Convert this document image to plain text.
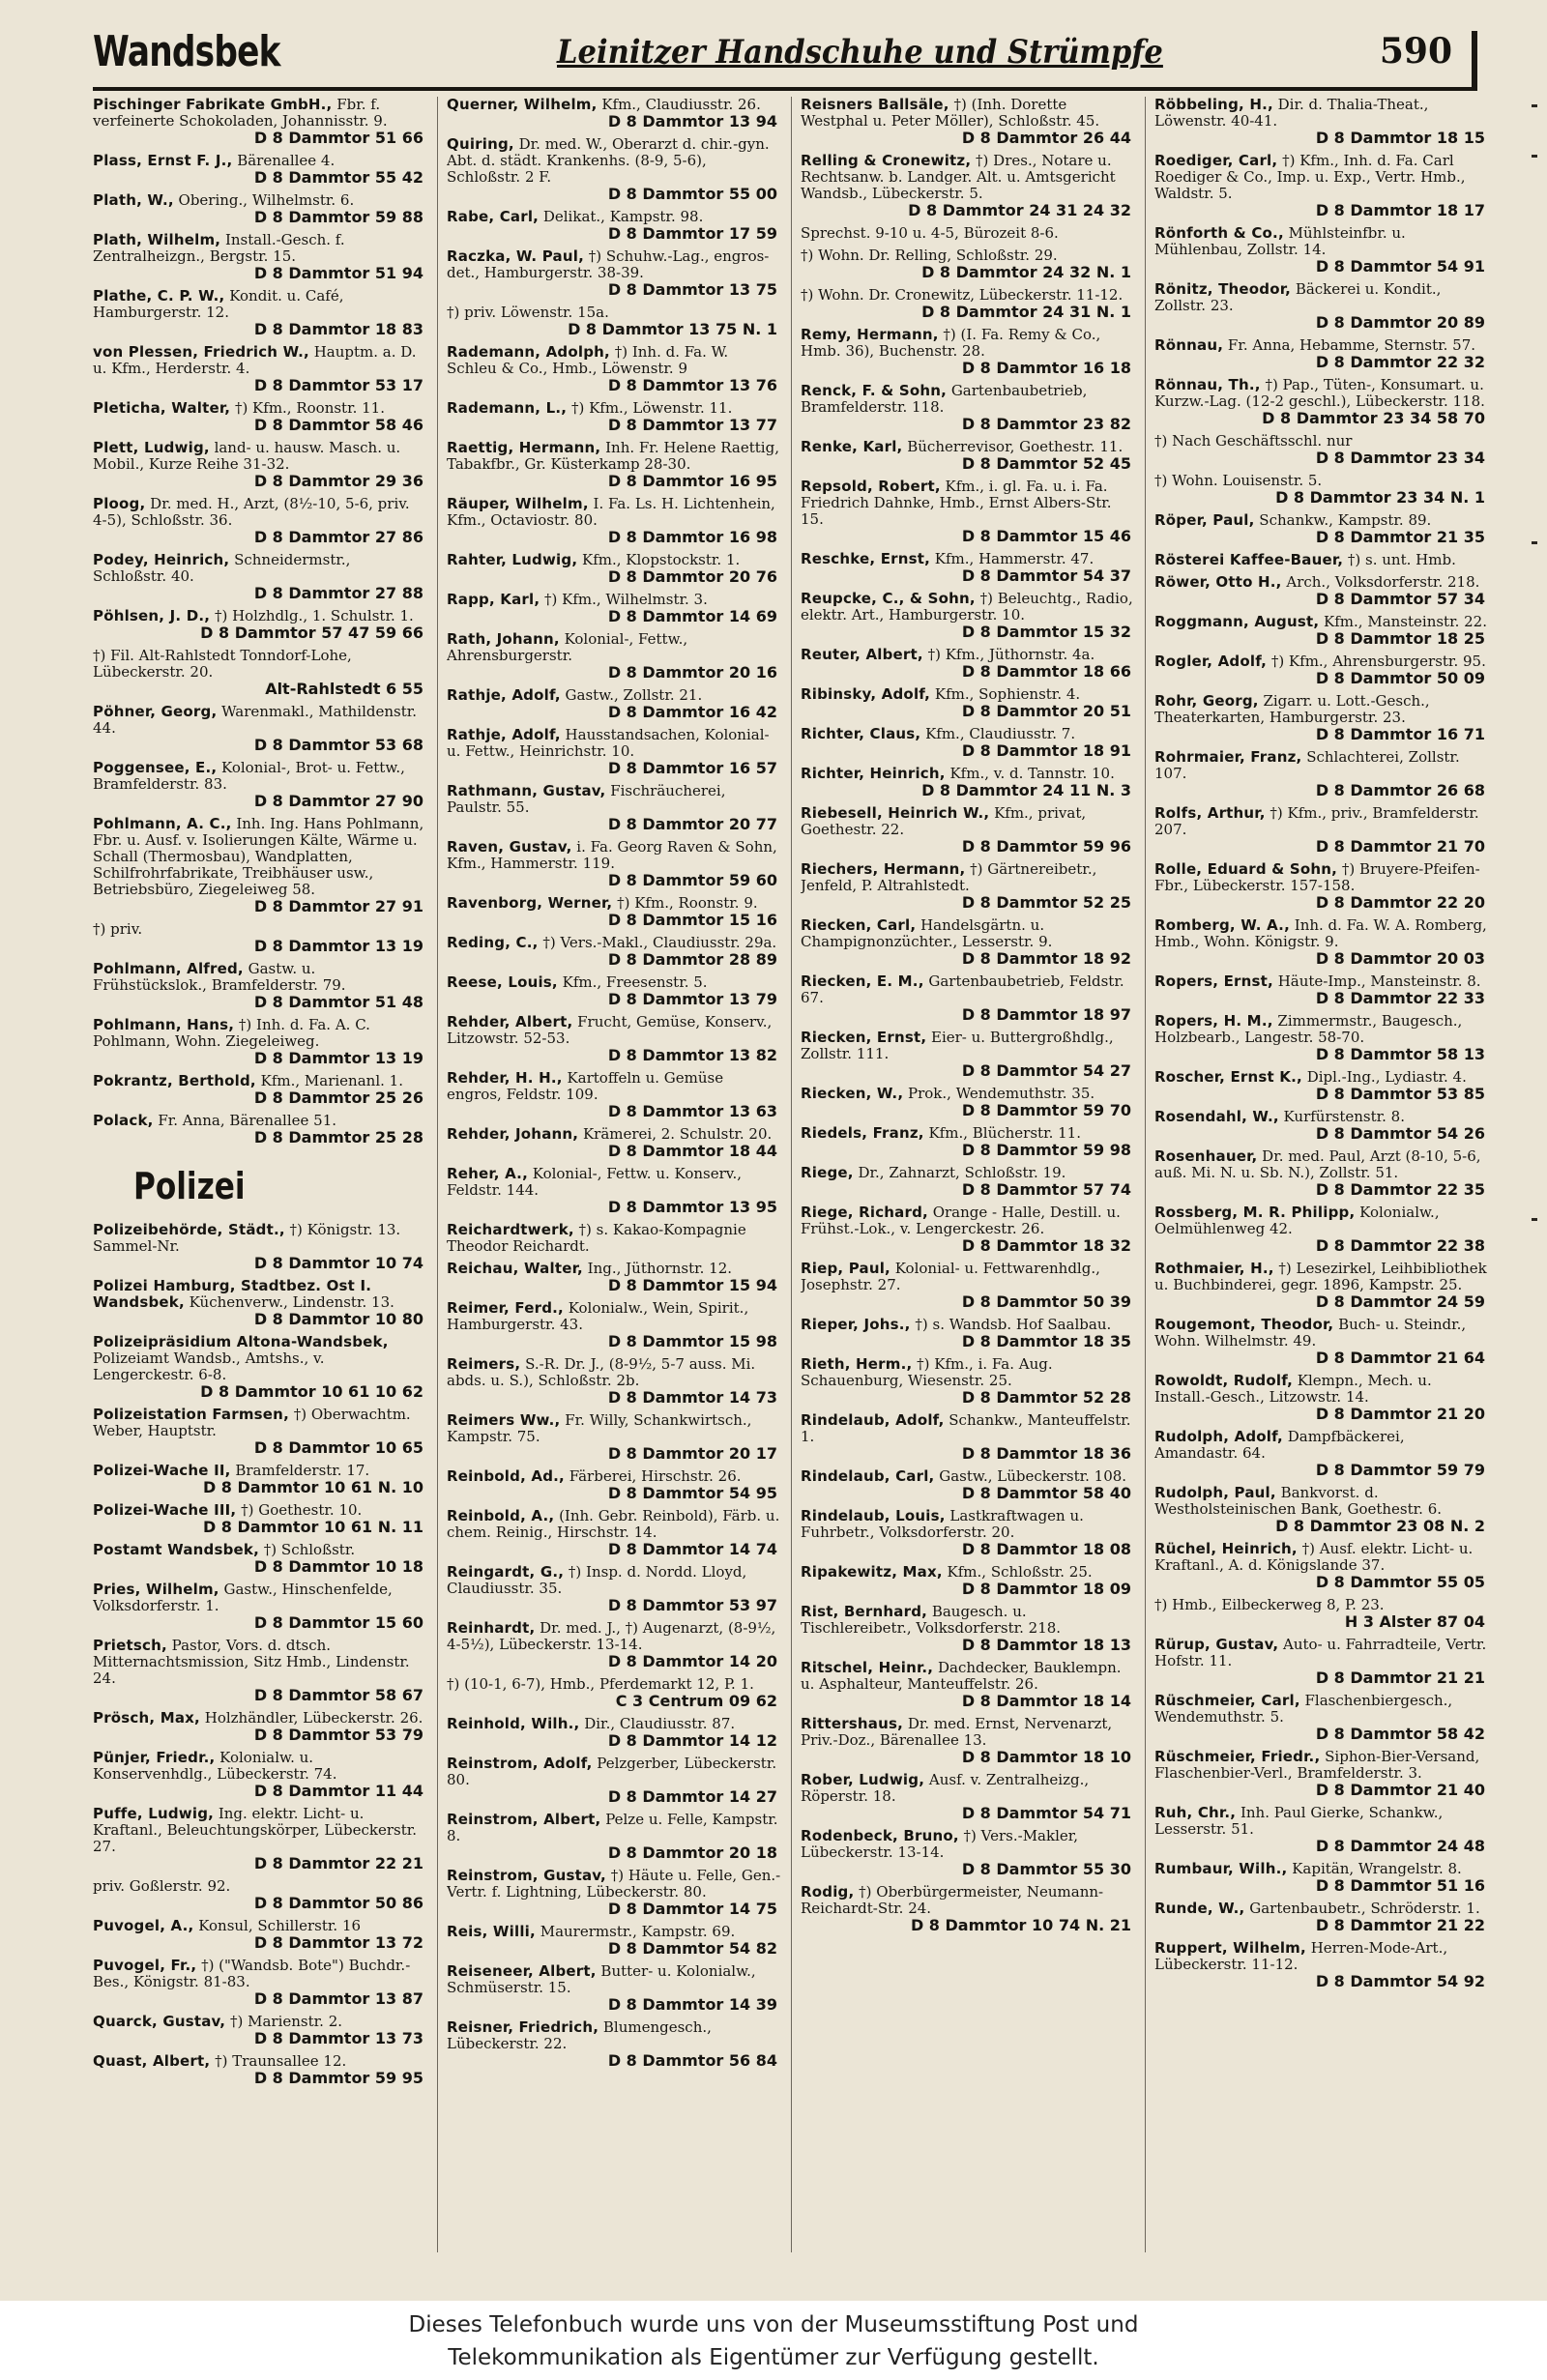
Wandsbek	Leinitzer Handschuhe und Strümpfe	590
Pischinger Fabrikate GmbH., Fbr. f. verfeinerte Schokoladen, Johannisstr. 9.
D 8 Dammtor 51 66
Plass, Ernst F. J., Bärenallee 4.
D 8 Dammtor 55 42
Plath, W., Obering., Wilhelmstr. 6.
D 8 Dammtor 59 88
Plath, Wilhelm, Install.-Gesch. f. Zentralheizgn., Bergstr. 15.
D 8 Dammtor 51 94
Plathe, C. P. W., Kondit. u. Café, Hamburgerstr. 12.
D 8 Dammtor 18 83
von Plessen, Friedrich W., Hauptm. a. D. u. Kfm., Herderstr. 4.
D 8 Dammtor 53 17
Pleticha, Walter, †) Kfm., Roonstr. 11.
D 8 Dammtor 58 46
Plett, Ludwig, land- u. hausw. Masch. u. Mobil., Kurze Reihe 31-32.
D 8 Dammtor 29 36
Ploog, Dr. med. H., Arzt, (8½-10, 5-6, priv. 4-5), Schloßstr. 36.
D 8 Dammtor 27 86
Podey, Heinrich, Schneidermstr., Schloßstr. 40.
D 8 Dammtor 27 88
Pöhlsen, J. D., †) Holzhdlg., 1. Schulstr. 1.
D 8 Dammtor 57 47 59 66
†) Fil. Alt-Rahlstedt Tonndorf-Lohe, Lübeckerstr. 20.
Alt-Rahlstedt 6 55
Pöhner, Georg, Warenmakl., Mathildenstr. 44.
D 8 Dammtor 53 68
Poggensee, E., Kolonial-, Brot- u. Fettw., Bramfelderstr. 83.
D 8 Dammtor 27 90
Pohlmann, A. C., Inh. Ing. Hans Pohlmann, Fbr. u. Ausf. v. Isolierungen Kälte, Wärme u. Schall (Thermosbau), Wandplatten, Schilfrohrfabrikate, Treibhäuser usw., Betriebsbüro, Ziegeleiweg 58.
D 8 Dammtor 27 91
†) priv.
D 8 Dammtor 13 19
Pohlmann, Alfred, Gastw. u. Frühstückslok., Bramfelderstr. 79.
D 8 Dammtor 51 48
Pohlmann, Hans, †) Inh. d. Fa. A. C. Pohlmann, Wohn. Ziegeleiweg.
D 8 Dammtor 13 19
Pokrantz, Berthold, Kfm., Marienanl. 1.
D 8 Dammtor 25 26
Polack, Fr. Anna, Bärenallee 51.
D 8 Dammtor 25 28
Polizei
Polizeibehörde, Städt., †) Königstr. 13. Sammel-Nr.
D 8 Dammtor 10 74
Polizei Hamburg, Stadtbez. Ost I. Wandsbek, Küchenverw., Lindenstr. 13.
D 8 Dammtor 10 80
Polizeipräsidium Altona-Wandsbek, Polizeiamt Wandsb., Amtshs., v. Lengerckestr. 6-8.
D 8 Dammtor 10 61 10 62
Polizeistation Farmsen, †) Oberwachtm. Weber, Hauptstr.
D 8 Dammtor 10 65
Polizei-Wache II, Bramfelderstr. 17.
D 8 Dammtor 10 61 N. 10
Polizei-Wache III, †) Goethestr. 10.
D 8 Dammtor 10 61 N. 11
Postamt Wandsbek, †) Schloßstr.
D 8 Dammtor 10 18
Pries, Wilhelm, Gastw., Hinschenfelde, Volksdorferstr. 1.
D 8 Dammtor 15 60
Prietsch, Pastor, Vors. d. dtsch. Mitternachtsmission, Sitz Hmb., Lindenstr. 24.
D 8 Dammtor 58 67
Prösch, Max, Holzhändler, Lübeckerstr. 26.
D 8 Dammtor 53 79
Pünjer, Friedr., Kolonialw. u. Konservenhdlg., Lübeckerstr. 74.
D 8 Dammtor 11 44
Puffe, Ludwig, Ing. elektr. Licht- u. Kraftanl., Beleuchtungskörper, Lübeckerstr. 27.
D 8 Dammtor 22 21
priv. Goßlerstr. 92.
D 8 Dammtor 50 86
Puvogel, A., Konsul, Schillerstr. 16
D 8 Dammtor 13 72
Puvogel, Fr., †) ("Wandsb. Bote") Buchdr.-Bes., Königstr. 81-83.
D 8 Dammtor 13 87
Quarck, Gustav, †) Marienstr. 2.
D 8 Dammtor 13 73
Quast, Albert, †) Traunsallee 12.
D 8 Dammtor 59 95
Querner, Wilhelm, Kfm., Claudiusstr. 26.
D 8 Dammtor 13 94
Quiring, Dr. med. W., Oberarzt d. chir.-gyn. Abt. d. städt. Krankenhs. (8-9, 5-6), Schloßstr. 2 F.
D 8 Dammtor 55 00
Rabe, Carl, Delikat., Kampstr. 98.
D 8 Dammtor 17 59
Raczka, W. Paul, †) Schuhw.-Lag., engros-det., Hamburgerstr. 38-39.
D 8 Dammtor 13 75
†) priv. Löwenstr. 15a.
D 8 Dammtor 13 75 N. 1
Rademann, Adolph, †) Inh. d. Fa. W. Schleu & Co., Hmb., Löwenstr. 9
D 8 Dammtor 13 76
Rademann, L., †) Kfm., Löwenstr. 11.
D 8 Dammtor 13 77
Raettig, Hermann, Inh. Fr. Helene Raettig, Tabakfbr., Gr. Küsterkamp 28-30.
D 8 Dammtor 16 95
Räuper, Wilhelm, I. Fa. Ls. H. Lichtenhein, Kfm., Octaviostr. 80.
D 8 Dammtor 16 98
Rahter, Ludwig, Kfm., Klopstockstr. 1.
D 8 Dammtor 20 76
Rapp, Karl, †) Kfm., Wilhelmstr. 3.
D 8 Dammtor 14 69
Rath, Johann, Kolonial-, Fettw., Ahrensburgerstr.
D 8 Dammtor 20 16
Rathje, Adolf, Gastw., Zollstr. 21.
D 8 Dammtor 16 42
Rathje, Adolf, Hausstandsachen, Kolonial- u. Fettw., Heinrichstr. 10.
D 8 Dammtor 16 57
Rathmann, Gustav, Fischräucherei, Paulstr. 55.
D 8 Dammtor 20 77
Raven, Gustav, i. Fa. Georg Raven & Sohn, Kfm., Hammerstr. 119.
D 8 Dammtor 59 60
Ravenborg, Werner, †) Kfm., Roonstr. 9.
D 8 Dammtor 15 16
Reding, C., †) Vers.-Makl., Claudiusstr. 29a.
D 8 Dammtor 28 89
Reese, Louis, Kfm., Freesenstr. 5.
D 8 Dammtor 13 79
Rehder, Albert, Frucht, Gemüse, Konserv., Litzowstr. 52-53.
D 8 Dammtor 13 82
Rehder, H. H., Kartoffeln u. Gemüse engros, Feldstr. 109.
D 8 Dammtor 13 63
Rehder, Johann, Krämerei, 2. Schulstr. 20.
D 8 Dammtor 18 44
Reher, A., Kolonial-, Fettw. u. Konserv., Feldstr. 144.
D 8 Dammtor 13 95
Reichardtwerk, †) s. Kakao-Kompagnie Theodor Reichardt.
Reichau, Walter, Ing., Jüthornstr. 12.
D 8 Dammtor 15 94
Reimer, Ferd., Kolonialw., Wein, Spirit., Hamburgerstr. 43.
D 8 Dammtor 15 98
Reimers, S.-R. Dr. J., (8-9½, 5-7 auss. Mi. abds. u. S.), Schloßstr. 2b.
D 8 Dammtor 14 73
Reimers Ww., Fr. Willy, Schankwirtsch., Kampstr. 75.
D 8 Dammtor 20 17
Reinbold, Ad., Färberei, Hirschstr. 26.
D 8 Dammtor 54 95
Reinbold, A., (Inh. Gebr. Reinbold), Färb. u. chem. Reinig., Hirschstr. 14.
D 8 Dammtor 14 74
Reingardt, G., †) Insp. d. Nordd. Lloyd, Claudiusstr. 35.
D 8 Dammtor 53 97
Reinhardt, Dr. med. J., †) Augenarzt, (8-9½, 4-5½), Lübeckerstr. 13-14.
D 8 Dammtor 14 20
†) (10-1, 6-7), Hmb., Pferdemarkt 12, P. 1.
C 3 Centrum 09 62
Reinhold, Wilh., Dir., Claudiusstr. 87.
D 8 Dammtor 14 12
Reinstrom, Adolf, Pelzgerber, Lübeckerstr. 80.
D 8 Dammtor 14 27
Reinstrom, Albert, Pelze u. Felle, Kampstr. 8.
D 8 Dammtor 20 18
Reinstrom, Gustav, †) Häute u. Felle, Gen.-Vertr. f. Lightning, Lübeckerstr. 80.
D 8 Dammtor 14 75
Reis, Willi, Maurermstr., Kampstr. 69.
D 8 Dammtor 54 82
Reiseneer, Albert, Butter- u. Kolonialw., Schmüserstr. 15.
D 8 Dammtor 14 39
Reisner, Friedrich, Blumengesch., Lübeckerstr. 22.
D 8 Dammtor 56 84
Reisners Ballsäle, †) (Inh. Dorette Westphal u. Peter Möller), Schloßstr. 45.
D 8 Dammtor 26 44
Relling & Cronewitz, †) Dres., Notare u. Rechtsanw. b. Landger. Alt. u. Amtsgericht Wandsb., Lübeckerstr. 5.
D 8 Dammtor 24 31 24 32
Sprechst. 9-10 u. 4-5, Bürozeit 8-6.
†) Wohn. Dr. Relling, Schloßstr. 29.
D 8 Dammtor 24 32 N. 1
†) Wohn. Dr. Cronewitz, Lübeckerstr. 11-12.
D 8 Dammtor 24 31 N. 1
Remy, Hermann, †) (I. Fa. Remy & Co., Hmb. 36), Buchenstr. 28.
D 8 Dammtor 16 18
Renck, F. & Sohn, Gartenbaubetrieb, Bramfelderstr. 118.
D 8 Dammtor 23 82
Renke, Karl, Bücherrevisor, Goethestr. 11.
D 8 Dammtor 52 45
Repsold, Robert, Kfm., i. gl. Fa. u. i. Fa. Friedrich Dahnke, Hmb., Ernst Albers-Str. 15.
D 8 Dammtor 15 46
Reschke, Ernst, Kfm., Hammerstr. 47.
D 8 Dammtor 54 37
Reupcke, C., & Sohn, †) Beleuchtg., Radio, elektr. Art., Hamburgerstr. 10.
D 8 Dammtor 15 32
Reuter, Albert, †) Kfm., Jüthornstr. 4a.
D 8 Dammtor 18 66
Ribinsky, Adolf, Kfm., Sophienstr. 4.
D 8 Dammtor 20 51
Richter, Claus, Kfm., Claudiusstr. 7.
D 8 Dammtor 18 91
Richter, Heinrich, Kfm., v. d. Tannstr. 10.
D 8 Dammtor 24 11 N. 3
Riebesell, Heinrich W., Kfm., privat, Goethestr. 22.
D 8 Dammtor 59 96
Riechers, Hermann, †) Gärtnereibetr., Jenfeld, P. Altrahlstedt.
D 8 Dammtor 52 25
Riecken, Carl, Handelsgärtn. u. Champignonzüchter., Lesserstr. 9.
D 8 Dammtor 18 92
Riecken, E. M., Gartenbaubetrieb, Feldstr. 67.
D 8 Dammtor 18 97
Riecken, Ernst, Eier- u. Buttergroßhdlg., Zollstr. 111.
D 8 Dammtor 54 27
Riecken, W., Prok., Wendemuthstr. 35.
D 8 Dammtor 59 70
Riedels, Franz, Kfm., Blücherstr. 11.
D 8 Dammtor 59 98
Riege, Dr., Zahnarzt, Schloßstr. 19.
D 8 Dammtor 57 74
Riege, Richard, Orange - Halle, Destill. u. Frühst.-Lok., v. Lengerckestr. 26.
D 8 Dammtor 18 32
Riep, Paul, Kolonial- u. Fettwarenhdlg., Josephstr. 27.
D 8 Dammtor 50 39
Rieper, Johs., †) s. Wandsb. Hof Saalbau.
D 8 Dammtor 18 35
Rieth, Herm., †) Kfm., i. Fa. Aug. Schauenburg, Wiesenstr. 25.
D 8 Dammtor 52 28
Rindelaub, Adolf, Schankw., Manteuffelstr. 1.
D 8 Dammtor 18 36
Rindelaub, Carl, Gastw., Lübeckerstr. 108.
D 8 Dammtor 58 40
Rindelaub, Louis, Lastkraftwagen u. Fuhrbetr., Volksdorferstr. 20.
D 8 Dammtor 18 08
Ripakewitz, Max, Kfm., Schloßstr. 25.
D 8 Dammtor 18 09
Rist, Bernhard, Baugesch. u. Tischlereibetr., Volksdorferstr. 218.
D 8 Dammtor 18 13
Ritschel, Heinr., Dachdecker, Bauklempn. u. Asphalteur, Manteuffelstr. 26.
D 8 Dammtor 18 14
Rittershaus, Dr. med. Ernst, Nervenarzt, Priv.-Doz., Bärenallee 13.
D 8 Dammtor 18 10
Rober, Ludwig, Ausf. v. Zentralheizg., Röperstr. 18.
D 8 Dammtor 54 71
Rodenbeck, Bruno, †) Vers.-Makler, Lübeckerstr. 13-14.
D 8 Dammtor 55 30
Rodig, †) Oberbürgermeister, Neumann-Reichardt-Str. 24.
D 8 Dammtor 10 74 N. 21
Röbbeling, H., Dir. d. Thalia-Theat., Löwenstr. 40-41.
D 8 Dammtor 18 15
Roediger, Carl, †) Kfm., Inh. d. Fa. Carl Roediger & Co., Imp. u. Exp., Vertr. Hmb., Waldstr. 5.
D 8 Dammtor 18 17
Rönforth & Co., Mühlsteinfbr. u. Mühlenbau, Zollstr. 14.
D 8 Dammtor 54 91
Rönitz, Theodor, Bäckerei u. Kondit., Zollstr. 23.
D 8 Dammtor 20 89
Rönnau, Fr. Anna, Hebamme, Sternstr. 57.
D 8 Dammtor 22 32
Rönnau, Th., †) Pap., Tüten-, Konsumart. u. Kurzw.-Lag. (12-2 geschl.), Lübeckerstr. 118.
D 8 Dammtor 23 34 58 70
†) Nach Geschäftsschl. nur
D 8 Dammtor 23 34
†) Wohn. Louisenstr. 5.
D 8 Dammtor 23 34 N. 1
Röper, Paul, Schankw., Kampstr. 89.
D 8 Dammtor 21 35
Rösterei Kaffee-Bauer, †) s. unt. Hmb.
Röwer, Otto H., Arch., Volksdorferstr. 218.
D 8 Dammtor 57 34
Roggmann, August, Kfm., Mansteinstr. 22.
D 8 Dammtor 18 25
Rogler, Adolf, †) Kfm., Ahrensburgerstr. 95.
D 8 Dammtor 50 09
Rohr, Georg, Zigarr. u. Lott.-Gesch., Theaterkarten, Hamburgerstr. 23.
D 8 Dammtor 16 71
Rohrmaier, Franz, Schlachterei, Zollstr. 107.
D 8 Dammtor 26 68
Rolfs, Arthur, †) Kfm., priv., Bramfelderstr. 207.
D 8 Dammtor 21 70
Rolle, Eduard & Sohn, †) Bruyere-Pfeifen-Fbr., Lübeckerstr. 157-158.
D 8 Dammtor 22 20
Romberg, W. A., Inh. d. Fa. W. A. Romberg, Hmb., Wohn. Königstr. 9.
D 8 Dammtor 20 03
Ropers, Ernst, Häute-Imp., Mansteinstr. 8.
D 8 Dammtor 22 33
Ropers, H. M., Zimmermstr., Baugesch., Holzbearb., Langestr. 58-70.
D 8 Dammtor 58 13
Roscher, Ernst K., Dipl.-Ing., Lydiastr. 4.
D 8 Dammtor 53 85
Rosendahl, W., Kurfürstenstr. 8.
D 8 Dammtor 54 26
Rosenhauer, Dr. med. Paul, Arzt (8-10, 5-6, auß. Mi. N. u. Sb. N.), Zollstr. 51.
D 8 Dammtor 22 35
Rossberg, M. R. Philipp, Kolonialw., Oelmühlenweg 42.
D 8 Dammtor 22 38
Rothmaier, H., †) Lesezirkel, Leihbibliothek u. Buchbinderei, gegr. 1896, Kampstr. 25.
D 8 Dammtor 24 59
Rougemont, Theodor, Buch- u. Steindr., Wohn. Wilhelmstr. 49.
D 8 Dammtor 21 64
Rowoldt, Rudolf, Klempn., Mech. u. Install.-Gesch., Litzowstr. 14.
D 8 Dammtor 21 20
Rudolph, Adolf, Dampfbäckerei, Amandastr. 64.
D 8 Dammtor 59 79
Rudolph, Paul, Bankvorst. d. Westholsteinischen Bank, Goethestr. 6.
D 8 Dammtor 23 08 N. 2
Rüchel, Heinrich, †) Ausf. elektr. Licht- u. Kraftanl., A. d. Königslande 37.
D 8 Dammtor 55 05
†) Hmb., Eilbeckerweg 8, P. 23.
H 3 Alster 87 04
Rürup, Gustav, Auto- u. Fahrradteile, Vertr. Hofstr. 11.
D 8 Dammtor 21 21
Rüschmeier, Carl, Flaschenbiergesch., Wendemuthstr. 5.
D 8 Dammtor 58 42
Rüschmeier, Friedr., Siphon-Bier-Versand, Flaschenbier-Verl., Bramfelderstr. 3.
D 8 Dammtor 21 40
Ruh, Chr., Inh. Paul Gierke, Schankw., Lesserstr. 51.
D 8 Dammtor 24 48
Rumbaur, Wilh., Kapitän, Wrangelstr. 8.
D 8 Dammtor 51 16
Runde, W., Gartenbaubetr., Schröderstr. 1.
D 8 Dammtor 21 22
Ruppert, Wilhelm, Herren-Mode-Art., Lübeckerstr. 11-12.
D 8 Dammtor 54 92
Dieses Telefonbuch wurde uns von der Museumsstiftung Post und
Telekommunikation als Eigentümer zur Verfügung gestellt.
